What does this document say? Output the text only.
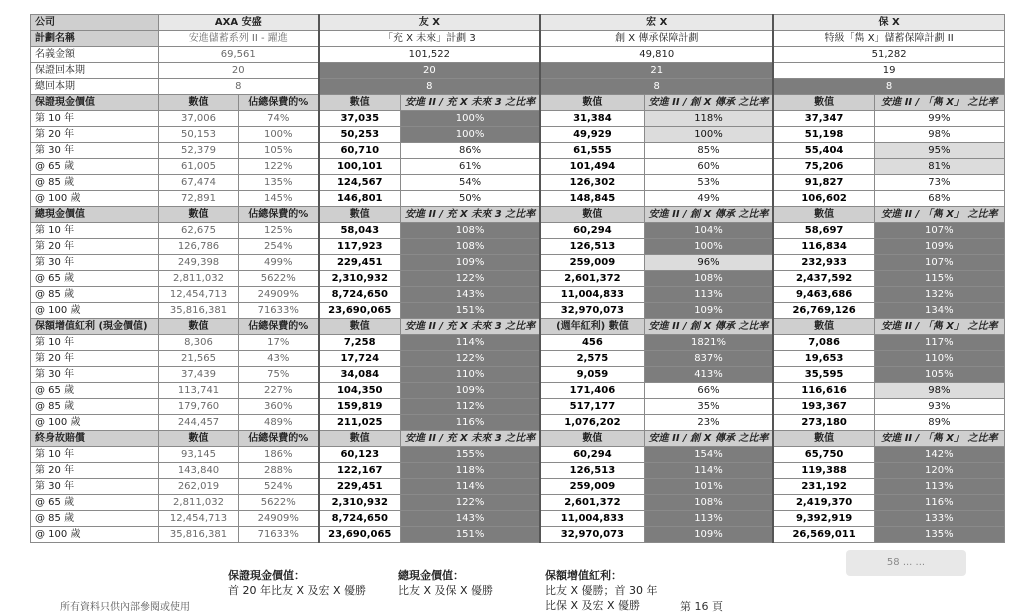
公司	AXA 安盛		友 X		宏 X		保 X	
計劃名稱	安進儲蓄系列 II - 躍進		「充 X 未來」計劃 3		創 X 傳承保障計劃		特級「雋 X」儲蓄保障計劃 II	
名義金額	69,561		101,522		49,810		51,282	
保證回本期	20		20		21		19	
總回本期	8		8		8		8	
保證現金價值	數值	佔總保費的%	數值	安進 II / 充 X 未來 3 之比率	數值	安進 II / 創 X 傳承 之比率	數值	安進 II / 「雋 X」 之比率
第 10 年	37,006	74%	37,035	100%	31,384	118%	37,347	99%
第 20 年	50,153	100%	50,253	100%	49,929	100%	51,198	98%
第 30 年	52,379	105%	60,710	86%	61,555	85%	55,404	95%
@ 65 歲	61,005	122%	100,101	61%	101,494	60%	75,206	81%
@ 85 歲	67,474	135%	124,567	54%	126,302	53%	91,827	73%
@ 100 歲	72,891	145%	146,801	50%	148,845	49%	106,602	68%
總現金價值	數值	佔總保費的%	數值	安進 II / 充 X 未來 3 之比率	數值	安進 II / 創 X 傳承 之比率	數值	安進 II / 「雋 X」 之比率
第 10 年	62,675	125%	58,043	108%	60,294	104%	58,697	107%
第 20 年	126,786	254%	117,923	108%	126,513	100%	116,834	109%
第 30 年	249,398	499%	229,451	109%	259,009	96%	232,933	107%
@ 65 歲	2,811,032	5622%	2,310,932	122%	2,601,372	108%	2,437,592	115%
@ 85 歲	12,454,713	24909%	8,724,650	143%	11,004,833	113%	9,463,686	132%
@ 100 歲	35,816,381	71633%	23,690,065	151%	32,970,073	109%	26,769,126	134%
保額增值紅利 (現金價值)	數值	佔總保費的%	數值	安進 II / 充 X 未來 3 之比率	(週年紅利) 數值	安進 II / 創 X 傳承 之比率	數值	安進 II / 「雋 X」 之比率
第 10 年	8,306	17%	7,258	114%	456	1821%	7,086	117%
第 20 年	21,565	43%	17,724	122%	2,575	837%	19,653	110%
第 30 年	37,439	75%	34,084	110%	9,059	413%	35,595	105%
@ 65 歲	113,741	227%	104,350	109%	171,406	66%	116,616	98%
@ 85 歲	179,760	360%	159,819	112%	517,177	35%	193,367	93%
@ 100 歲	244,457	489%	211,025	116%	1,076,202	23%	273,180	89%
終身故賠償	數值	佔總保費的%	數值	安進 II / 充 X 未來 3 之比率	數值	安進 II / 創 X 傳承 之比率	數值	安進 II / 「雋 X」 之比率
第 10 年	93,145	186%	60,123	155%	60,294	154%	65,750	142%
第 20 年	143,840	288%	122,167	118%	126,513	114%	119,388	120%
第 30 年	262,019	524%	229,451	114%	259,009	101%	231,192	113%
@ 65 歲	2,811,032	5622%	2,310,932	122%	2,601,372	108%	2,419,370	116%
@ 85 歲	12,454,713	24909%	8,724,650	143%	11,004,833	113%	9,392,919	133%
@ 100 歲	35,816,381	71633%	23,690,065	151%	32,970,073	109%	26,569,011	135%
保證現金價值：
首 20 年比友 X 及宏 X 優勝
總現金價值：
比友 X 及保 X 優勝
保額增值紅利：
比友 X 優勝；首 30 年
比保 X 及宏 X 優勝
所有資料只供內部參閱或使用	第 16 頁
58 ... ...
